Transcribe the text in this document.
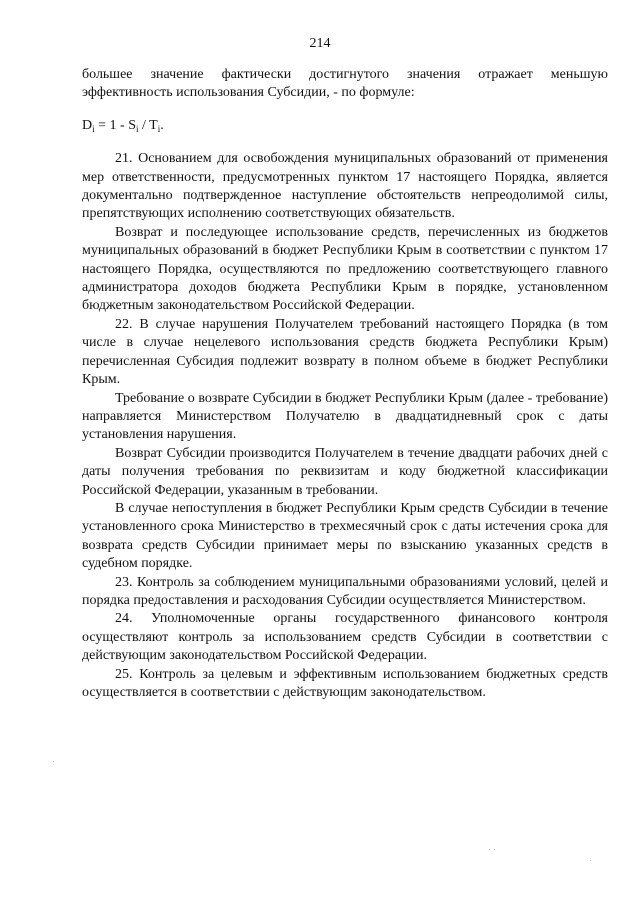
214

большее значение фактически достигнутого значения отражает меньшую эффективность использования Субсидии, - по формуле:

$D_i = 1 - S_i / T_i$.

21. Основанием для освобождения муниципальных образований от применения мер ответственности, предусмотренных пунктом 17 настоящего Порядка, является документально подтвержденное наступление обстоятельств непреодолимой силы, препятствующих исполнению соответствующих обязательств.

Возврат и последующее использование средств, перечисленных из бюджетов муниципальных образований в бюджет Республики Крым в соответствии с пунктом 17 настоящего Порядка, осуществляются по предложению соответствующего главного администратора доходов бюджета Республики Крым в порядке, установленном бюджетным законодательством Российской Федерации.

22. В случае нарушения Получателем требований настоящего Порядка (в том числе в случае нецелевого использования средств бюджета Республики Крым) перечисленная Субсидия подлежит возврату в полном объеме в бюджет Республики Крым.

Требование о возврате Субсидии в бюджет Республики Крым (далее - требование) направляется Министерством Получателю в двадцатидневный срок с даты установления нарушения.

Возврат Субсидии производится Получателем в течение двадцати рабочих дней с даты получения требования по реквизитам и коду бюджетной классификации Российской Федерации, указанным в требовании.

В случае непоступления в бюджет Республики Крым средств Субсидии в течение установленного срока Министерство в трехмесячный срок с даты истечения срока для возврата средств Субсидии принимает меры по взысканию указанных средств в судебном порядке.

23. Контроль за соблюдением муниципальными образованиями условий, целей и порядка предоставления и расходования Субсидии осуществляется Министерством.

24. Уполномоченные органы государственного финансового контроля осуществляют контроль за использованием средств Субсидии в соответствии с действующим законодательством Российской Федерации.

25. Контроль за целевым и эффективным использованием бюджетных средств осуществляется в соответствии с действующим законодательством.
